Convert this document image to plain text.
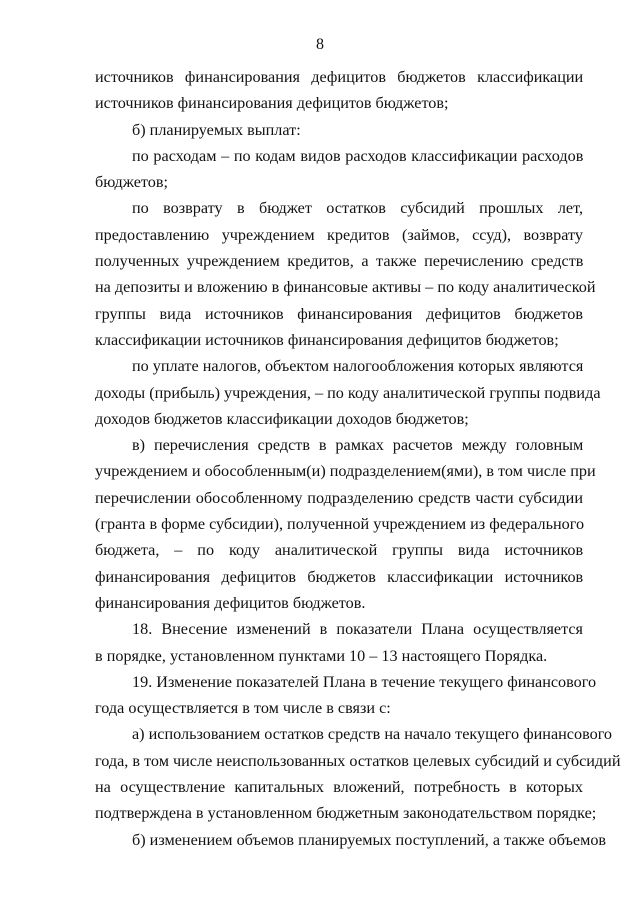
8
источников финансирования дефицитов бюджетов классификации
источников финансирования дефицитов бюджетов;
б) планируемых выплат:
по расходам – по кодам видов расходов классификации расходов
бюджетов;
по возврату в бюджет остатков субсидий прошлых лет,
предоставлению учреждением кредитов (займов, ссуд), возврату
полученных учреждением кредитов, а также перечислению средств
на депозиты и вложению в финансовые активы – по коду аналитической
группы вида источников финансирования дефицитов бюджетов
классификации источников финансирования дефицитов бюджетов;
по уплате налогов, объектом налогообложения которых являются
доходы (прибыль) учреждения, – по коду аналитической группы подвида
доходов бюджетов классификации доходов бюджетов;
в) перечисления средств в рамках расчетов между головным
учреждением и обособленным(и) подразделением(ями), в том числе при
перечислении обособленному подразделению средств части субсидии
(гранта в форме субсидии), полученной учреждением из федерального
бюджета, – по коду аналитической группы вида источников
финансирования дефицитов бюджетов классификации источников
финансирования дефицитов бюджетов.
18. Внесение изменений в показатели Плана осуществляется
в порядке, установленном пунктами 10 – 13 настоящего Порядка.
19. Изменение показателей Плана в течение текущего финансового
года осуществляется в том числе в связи с:
а) использованием остатков средств на начало текущего финансового
года, в том числе неиспользованных остатков целевых субсидий и субсидий
на осуществление капитальных вложений, потребность в которых
подтверждена в установленном бюджетным законодательством порядке;
б) изменением объемов планируемых поступлений, а также объемов
